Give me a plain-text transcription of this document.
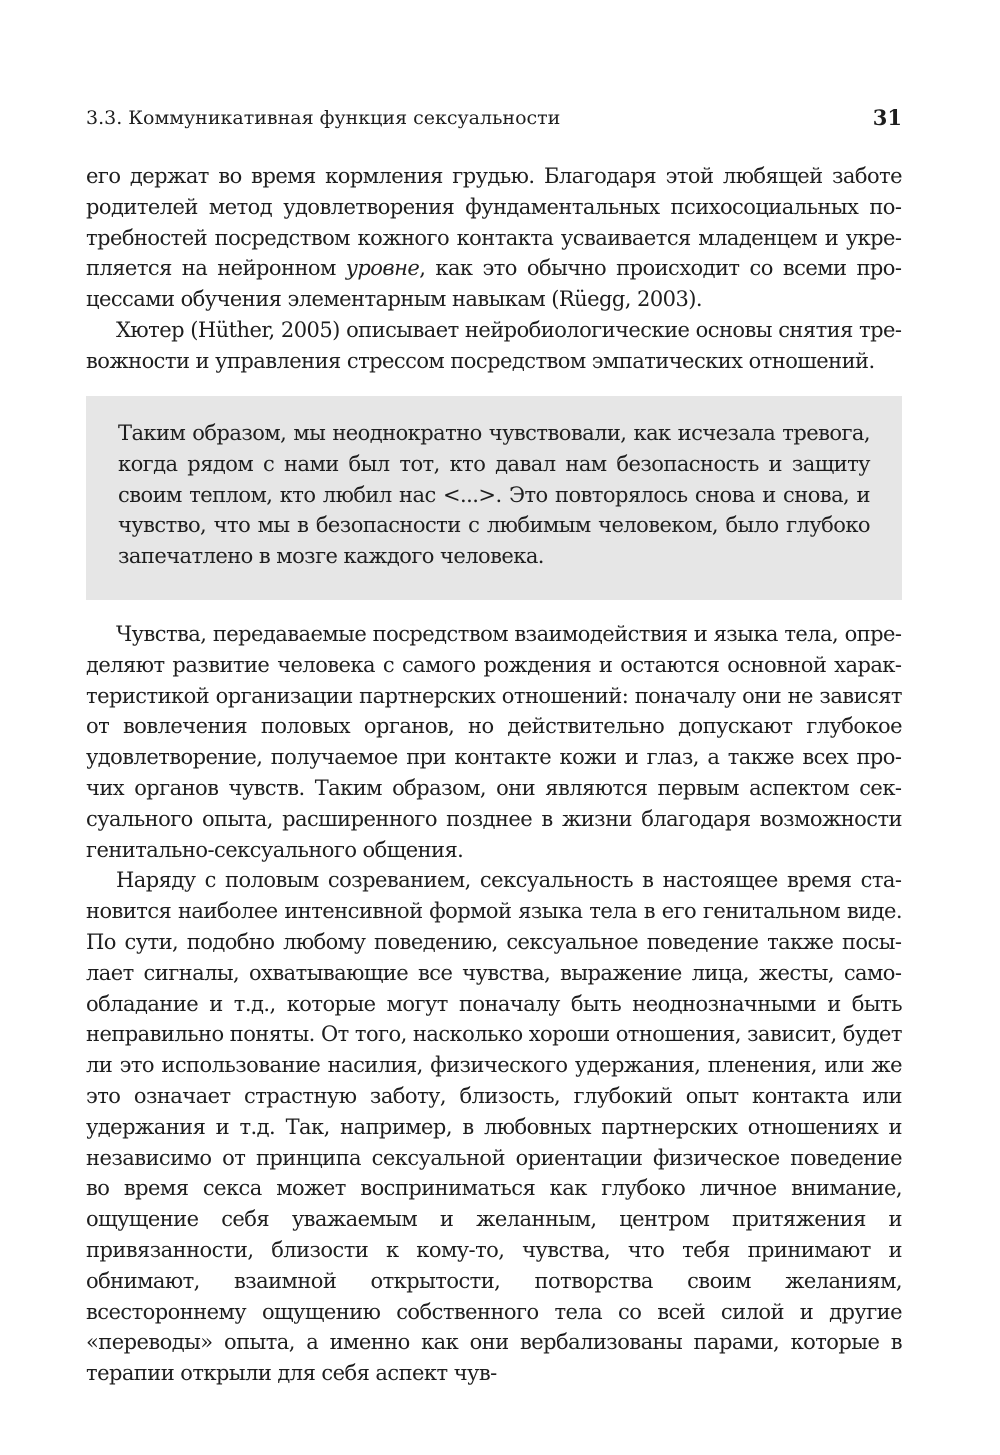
3.3. Коммуникативная функция сексуальности	31

его держат во время кормления грудью. Благодаря этой любящей заботе родителей метод удовлетворения фундаментальных психосоциальных потребностей посредством кожного контакта усваивается младенцем и укрепляется на нейронном уровне, как это обычно происходит со всеми процессами обучения элементарным навыкам (Rüegg, 2003).

Хютер (Hüther, 2005) описывает нейробиологические основы снятия тревожности и управления стрессом посредством эмпатических отношений.

Таким образом, мы неоднократно чувствовали, как исчезала тревога, когда рядом с нами был тот, кто давал нам безопасность и защиту своим теплом, кто любил нас <...>. Это повторялось снова и снова, и чувство, что мы в безопасности с любимым человеком, было глубоко запечатлено в мозге каждого человека.

Чувства, передаваемые посредством взаимодействия и языка тела, определяют развитие человека с самого рождения и остаются основной характеристикой организации партнерских отношений: поначалу они не зависят от вовлечения половых органов, но действительно допускают глубокое удовлетворение, получаемое при контакте кожи и глаз, а также всех прочих органов чувств. Таким образом, они являются первым аспектом сексуального опыта, расширенного позднее в жизни благодаря возможности генитально-сексуального общения.

Наряду с половым созреванием, сексуальность в настоящее время становится наиболее интенсивной формой языка тела в его генитальном виде. По сути, подобно любому поведению, сексуальное поведение также посылает сигналы, охватывающие все чувства, выражение лица, жесты, самообладание и т.д., которые могут поначалу быть неоднозначными и быть неправильно поняты. От того, насколько хороши отношения, зависит, будет ли это использование насилия, физического удержания, пленения, или же это означает страстную заботу, близость, глубокий опыт контакта или удержания и т.д. Так, например, в любовных партнерских отношениях и независимо от принципа сексуальной ориентации физическое поведение во время секса может восприниматься как глубоко личное внимание, ощущение себя уважаемым и желанным, центром притяжения и привязанности, близости к кому-то, чувства, что тебя принимают и обнимают, взаимной открытости, потворства своим желаниям, всестороннему ощущению собственного тела со всей силой и другие «переводы» опыта, а именно как они вербализованы парами, которые в терапии открыли для себя аспект чув-
